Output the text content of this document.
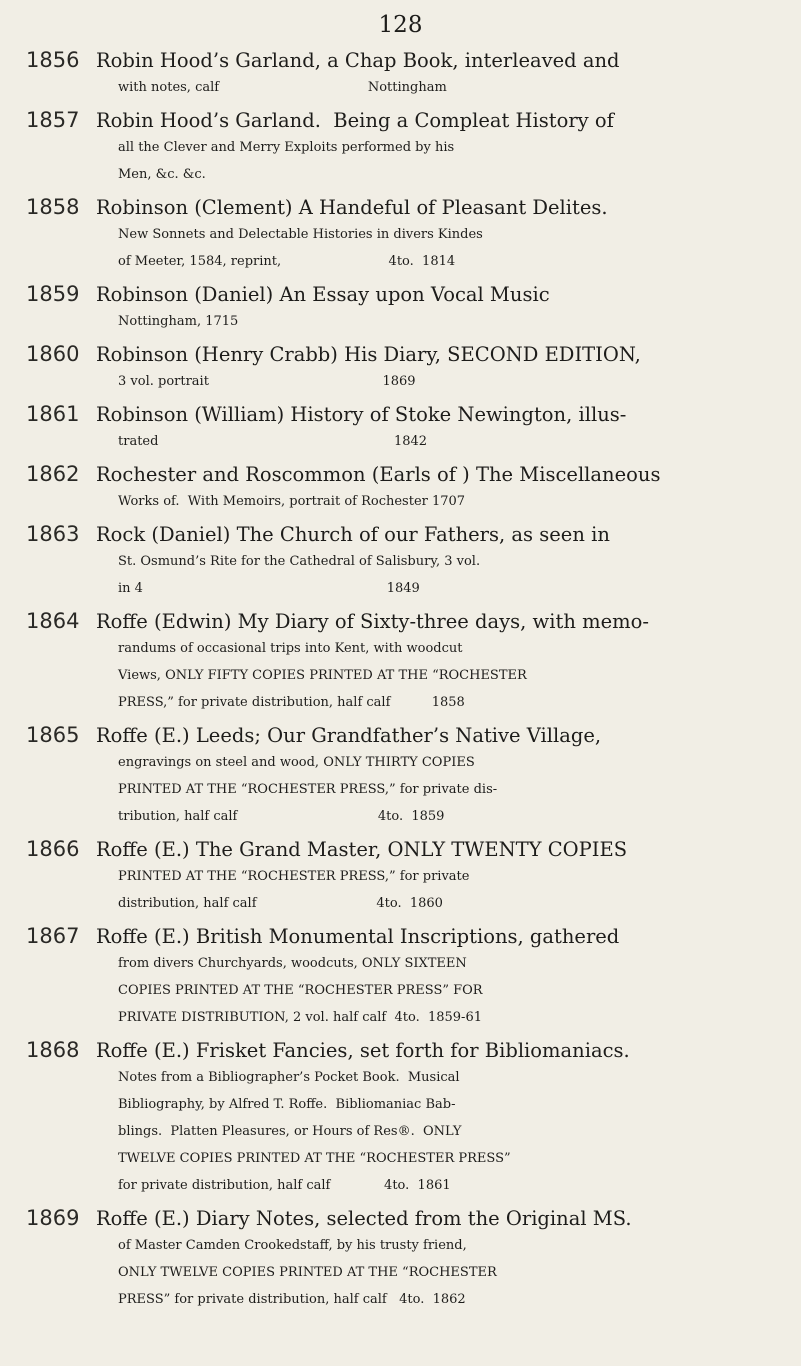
128
1856 Robin Hood’s Garland, a Chap Book, interleaved and
with notes, calf                                    Nottingham
1857 Robin Hood’s Garland.  Being a Compleat History of
all the Clever and Merry Exploits performed by his
Men, &c. &c.
1858 Robinson (Clement) A Handeful of Pleasant Delites.
New Sonnets and Delectable Histories in divers Kindes
of Meeter, 1584, reprint,                          4to.  1814
1859 Robinson (Daniel) An Essay upon Vocal Music
Nottingham, 1715
1860 Robinson (Henry Crabb) His Diary, SECOND EDITION,
3 vol. portrait                                          1869
1861 Robinson (William) History of Stoke Newington, illus-
trated                                                         1842
1862 Rochester and Roscommon (Earls of ) The Miscellaneous
Works of.  With Memoirs, portrait of Rochester 1707
1863 Rock (Daniel) The Church of our Fathers, as seen in
St. Osmund’s Rite for the Cathedral of Salisbury, 3 vol.
in 4                                                           1849
1864 Roffe (Edwin) My Diary of Sixty-three days, with memo-
randums of occasional trips into Kent, with woodcut
Views, ONLY FIFTY COPIES PRINTED AT THE “ROCHESTER
PRESS,” for private distribution, half calf          1858
1865 Roffe (E.) Leeds; Our Grandfather’s Native Village,
engravings on steel and wood, ONLY THIRTY COPIES
PRINTED AT THE “ROCHESTER PRESS,” for private dis-
tribution, half calf                                  4to.  1859
1866 Roffe (E.) The Grand Master, ONLY TWENTY COPIES
PRINTED AT THE “ROCHESTER PRESS,” for private
distribution, half calf                             4to.  1860
1867 Roffe (E.) British Monumental Inscriptions, gathered
from divers Churchyards, woodcuts, ONLY SIXTEEN
COPIES PRINTED AT THE “ROCHESTER PRESS” FOR
PRIVATE DISTRIBUTION, 2 vol. half calf  4to.  1859-61
1868 Roffe (E.) Frisket Fancies, set forth for Bibliomaniacs.
Notes from a Bibliographer’s Pocket Book.  Musical
Bibliography, by Alfred T. Roffe.  Bibliomaniac Bab-
blings.  Platten Pleasures, or Hours of Res®.  ONLY
TWELVE COPIES PRINTED AT THE “ROCHESTER PRESS”
for private distribution, half calf             4to.  1861
1869 Roffe (E.) Diary Notes, selected from the Original MS.
of Master Camden Crookedstaff, by his trusty friend,
ONLY TWELVE COPIES PRINTED AT THE “ROCHESTER
PRESS” for private distribution, half calf   4to.  1862
